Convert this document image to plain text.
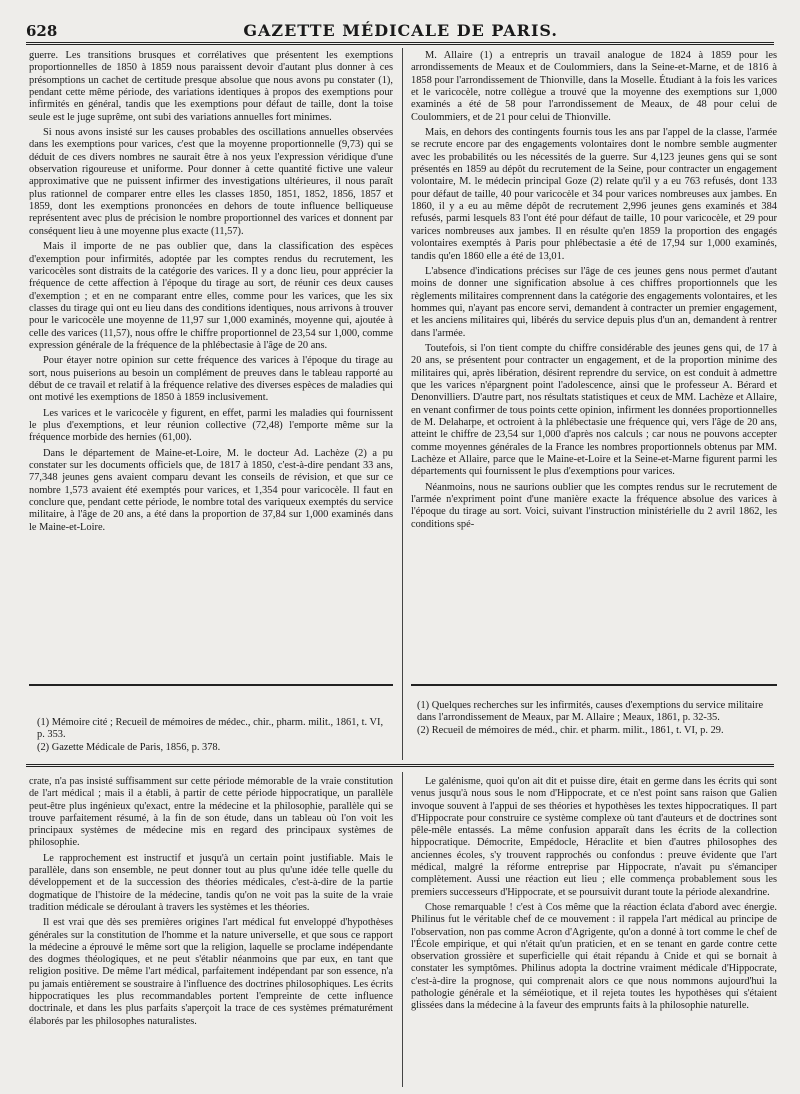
628	GAZETTE MÉDICALE DE PARIS.

guerre. Les transitions brusques et corrélatives que présentent les exemptions proportionnelles de 1850 à 1859 nous paraissent devoir d'autant plus donner à ces présomptions un cachet de certitude presque absolue que nous avons pu constater (1), pendant cette même période, des variations identiques à propos des exemptions pour infirmités en général, tandis que les exemptions pour défaut de taille, dont la toise seule est le juge suprême, ont subi des variations annuelles fort minimes.

Si nous avons insisté sur les causes probables des oscillations annuelles observées dans les exemptions pour varices, c'est que la moyenne proportionnelle (9,73) qui se déduit de ces divers nombres ne saurait être à nos yeux l'expression véridique d'une observation rigoureuse et uniforme. Pour donner à cette quantité fictive une valeur approximative que ne puissent infirmer des investigations ultérieures, il nous paraît plus rationnel de comparer entre elles les classes 1850, 1851, 1852, 1856, 1857 et 1859, dont les exemptions prononcées en dehors de toute influence belliqueuse représentent avec plus de précision le nombre proportionnel des varices et donnent par conséquent lieu à une moyenne plus exacte (11,57).

Mais il importe de ne pas oublier que, dans la classification des espèces d'exemption pour infirmités, adoptée par les comptes rendus du recrutement, les varicocèles sont distraits de la catégorie des varices. Il y a donc lieu, pour apprécier la fréquence de cette affection à l'époque du tirage au sort, de réunir ces deux causes d'exemption ; et en ne comparant entre elles, comme pour les varices, que les six classes du tirage qui ont eu lieu dans des conditions identiques, nous arrivons à trouver pour le varicocèle une moyenne de 11,97 sur 1,000 examinés, moyenne qui, ajoutée à celle des varices (11,57), nous offre le chiffre proportionnel de 23,54 sur 1,000, comme expression générale de la fréquence de la phlébectasie à l'âge de 20 ans.

Pour étayer notre opinion sur cette fréquence des varices à l'époque du tirage au sort, nous puiserions au besoin un complément de preuves dans le tableau rapporté au début de ce travail et relatif à la fréquence relative des diverses espèces de maladies qui ont motivé les exemptions de 1850 à 1859 inclusivement.

Les varices et le varicocèle y figurent, en effet, parmi les maladies qui fournissent le plus d'exemptions, et leur réunion collective (72,48) l'emporte même sur la fréquence morbide des hernies (61,00).

Dans le département de Maine-et-Loire, M. le docteur Ad. Lachèze (2) a pu constater sur les documents officiels que, de 1817 à 1850, c'est-à-dire pendant 33 ans, 77,348 jeunes gens avaient comparu devant les conseils de révision, et que sur ce nombre 1,573 avaient été exemptés pour varices, et 1,354 pour varicocèle. Il faut en conclure que, pendant cette période, le nombre total des variqueux exemptés du service militaire, à l'âge de 20 ans, a été dans la proportion de 37,84 sur 1,000 examinés dans le Maine-et-Loire.

M. Allaire (1) a entrepris un travail analogue de 1824 à 1859 pour les arrondissements de Meaux et de Coulommiers, dans la Seine-et-Marne, et de 1816 à 1858 pour l'arrondissement de Thionville, dans la Moselle. Étudiant à la fois les varices et le varicocèle, notre collègue a trouvé que la moyenne des exemptions sur 1,000 examinés a été de 58 pour l'arrondissement de Meaux, de 48 pour celui de Coulommiers, et de 21 pour celui de Thionville.

Mais, en dehors des contingents fournis tous les ans par l'appel de la classe, l'armée se recrute encore par des engagements volontaires dont le nombre semble augmenter avec les probabilités ou les nécessités de la guerre. Sur 4,123 jeunes gens qui se sont présentés en 1859 au dépôt du recrutement de la Seine, pour contracter un engagement volontaire, M. le médecin principal Goze (2) relate qu'il y a eu 763 refusés, dont 133 pour défaut de taille, 40 pour varicocèle et 34 pour varices nombreuses aux jambes. En 1860, il y a eu au même dépôt de recrutement 2,996 jeunes gens examinés et 384 refusés, parmi lesquels 83 l'ont été pour défaut de taille, 10 pour varicocèle, et 29 pour varices nombreuses aux jambes. Il en résulte qu'en 1859 la proportion des engagés volontaires exemptés à Paris pour phlébectasie a été de 17,94 sur 1,000 examinés, tandis qu'en 1860 elle a été de 13,01.

L'absence d'indications précises sur l'âge de ces jeunes gens nous permet d'autant moins de donner une signification absolue à ces chiffres proportionnels que les règlements militaires comprennent dans la catégorie des engagements volontaires, et les hommes qui, n'ayant pas encore servi, demandent à contracter un premier engagement, et les anciens militaires qui, libérés du service depuis plus d'un an, demandent à rentrer dans l'armée.

Toutefois, si l'on tient compte du chiffre considérable des jeunes gens qui, de 17 à 20 ans, se présentent pour contracter un engagement, et de la proportion minime des militaires qui, après libération, désirent reprendre du service, on est conduit à admettre que les varices n'épargnent point l'adolescence, ainsi que le professeur A. Bérard et Denonvilliers. D'autre part, nos résultats statistiques et ceux de MM. Lachèze et Allaire, en venant confirmer de tous points cette opinion, infirment les données proportionnelles de M. Delaharpe, et octroient à la phlébectasie une fréquence qui, vers l'âge de 20 ans, atteint le chiffre de 23,54 sur 1,000 d'après nos calculs ; car nous ne pouvons accepter comme moyennes générales de la France les nombres proportionnels obtenus par MM. Lachèze et Allaire, parce que le Maine-et-Loire et la Seine-et-Marne figurent parmi les départements qui fournissent le plus d'exemptions pour varices.

Néanmoins, nous ne saurions oublier que les comptes rendus sur le recrutement de l'armée n'expriment point d'une manière exacte la fréquence absolue des varices à l'époque du tirage au sort. Voici, suivant l'instruction ministérielle du 2 avril 1862, les conditions spé-

(1) Mémoire cité ; Recueil de mémoires de médec., chir., pharm. milit., 1861, t. VI, p. 353.

(2) Gazette Médicale de Paris, 1856, p. 378.

(1) Quelques recherches sur les infirmités, causes d'exemptions du service militaire dans l'arrondissement de Meaux, par M. Allaire ; Meaux, 1861, p. 32-35.

(2) Recueil de mémoires de méd., chir. et pharm. milit., 1861, t. VI, p. 29.

crate, n'a pas insisté suffisamment sur cette période mémorable de la vraie constitution de l'art médical ; mais il a établi, à partir de cette période hippocratique, un parallèle peut-être plus ingénieux qu'exact, entre la médecine et la philosophie, parallèle qui se trouve parfaitement résumé, à la fin de son étude, dans un tableau où l'on voit les principaux systèmes de médecine mis en regard des principaux systèmes de philosophie.

Le rapprochement est instructif et jusqu'à un certain point justifiable. Mais le parallèle, dans son ensemble, ne peut donner tout au plus qu'une idée telle quelle du développement et de la succession des théories médicales, c'est-à-dire de la partie dogmatique de l'histoire de la médecine, tandis qu'on ne voit pas la suite de la vraie tradition médicale se déroulant à travers les systèmes et les théories.

Il est vrai que dès ses premières origines l'art médical fut enveloppé d'hypothèses générales sur la constitution de l'homme et la nature universelle, et que sous ce rapport la médecine a éprouvé le même sort que la religion, laquelle se proclame indépendante des dogmes théologiques, et ne peut s'établir néanmoins que par eux, en tant que religion positive. De même l'art médical, parfaitement indépendant par son essence, n'a pu jamais entièrement se soustraire à l'influence des doctrines philosophiques. Les écrits hippocratiques les plus recommandables portent l'empreinte de cette influence doctrinale, et dans les plus parfaits s'aperçoit la trace de ces systèmes prématurément élaborés par les philosophes naturalistes.

Le galénisme, quoi qu'on ait dit et puisse dire, était en germe dans les écrits qui sont venus jusqu'à nous sous le nom d'Hippocrate, et ce n'est point sans raison que Galien invoque souvent à l'appui de ses théories et hypothèses les textes hippocratiques. Il part d'Hippocrate pour construire ce système complexe où tant d'auteurs et de doctrines sont pêle-mêle entassés. La même confusion apparaît dans les écrits de la collection hippocratique. Démocrite, Empédocle, Héraclite et bien d'autres philosophes des anciennes écoles, s'y trouvent rapprochés ou confondus : preuve évidente que l'art médical, malgré la réforme entreprise par Hippocrate, n'avait pu s'émanciper complètement. Aussi une réaction eut lieu ; elle commença probablement sous les premiers successeurs d'Hippocrate, et se poursuivit durant toute la période alexandrine.

Chose remarquable ! c'est à Cos même que la réaction éclata d'abord avec énergie. Philinus fut le véritable chef de ce mouvement : il rappela l'art médical au principe de l'observation, non pas comme Acron d'Agrigente, qu'on a donné à tort comme le chef de l'École empirique, et qui n'était qu'un praticien, et en se tenant en garde contre cette observation grossière et superficielle qui était répandu à Cnide et qui se bornait à constater les symptômes. Philinus adopta la doctrine vraiment médicale d'Hippocrate, c'est-à-dire la prognose, qui comprenait alors ce que nous nommons aujourd'hui la pathologie générale et la séméiotique, et il rejeta toutes les hypothèses qui s'étaient glissées dans la médecine à la faveur des emprunts faits à la philosophie naturelle.
